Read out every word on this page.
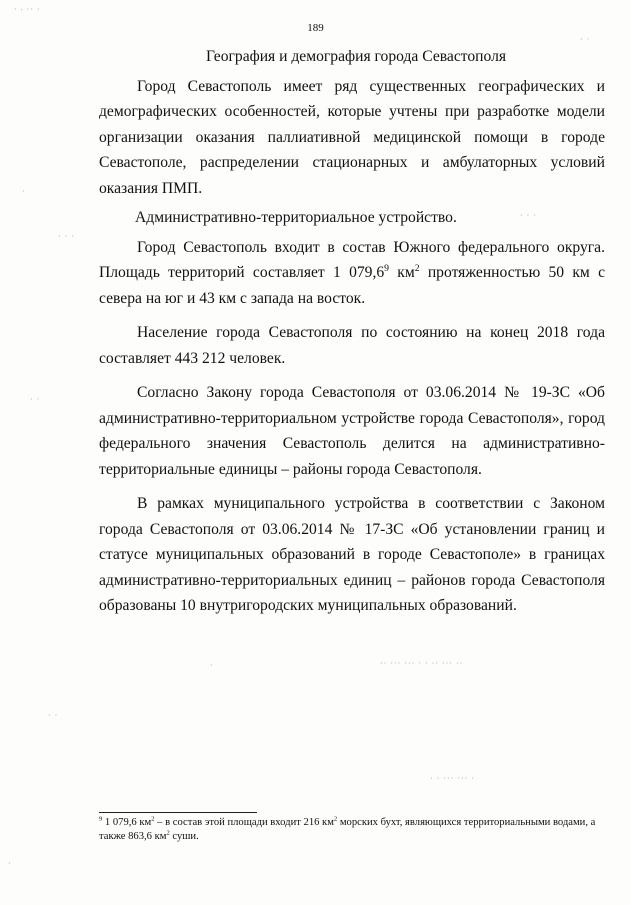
189

География и демография города Севастополя

Город Севастополь имеет ряд существенных географических и демографических особенностей, которые учтены при разработке модели организации оказания паллиативной медицинской помощи в городе Севастополе, распределении стационарных и амбулаторных условий оказания ПМП.

Административно-территориальное устройство.

Город Севастополь входит в состав Южного федерального округа. Площадь территорий составляет 1 079,6$^9$ $км^2$ протяженностью 50 км с севера на юг и 43 км с запада на восток.

Население города Севастополя по состоянию на конец 2018 года составляет 443 212 человек.

Согласно Закону города Севастополя от 03.06.2014 № 19-ЗС «Об административно-территориальном устройстве города Севастополя», город федерального значения Севастополь делится на административно-территориальные единицы – районы города Севастополя.

В рамках муниципального устройства в соответствии с Законом города Севастополя от 03.06.2014 № 17-ЗС «Об установлении границ и статусе муниципальных образований в городе Севастополе» в границах административно-территориальных единиц – районов города Севастополя образованы 10 внутригородских муниципальных образований.

$^9$ 1 079,6 $км^2$ – в состав этой площади входит 216 $км^2$ морских бухт, являющихся территориальными водами, а также 863,6 $км^2$ суши.
· ∙ ·· ·
· ·
·
· · ·
· · ·
· ·
·· ··· ··· · · ·· ··· ··
·
· · ··· ··· ·
· ·
·
